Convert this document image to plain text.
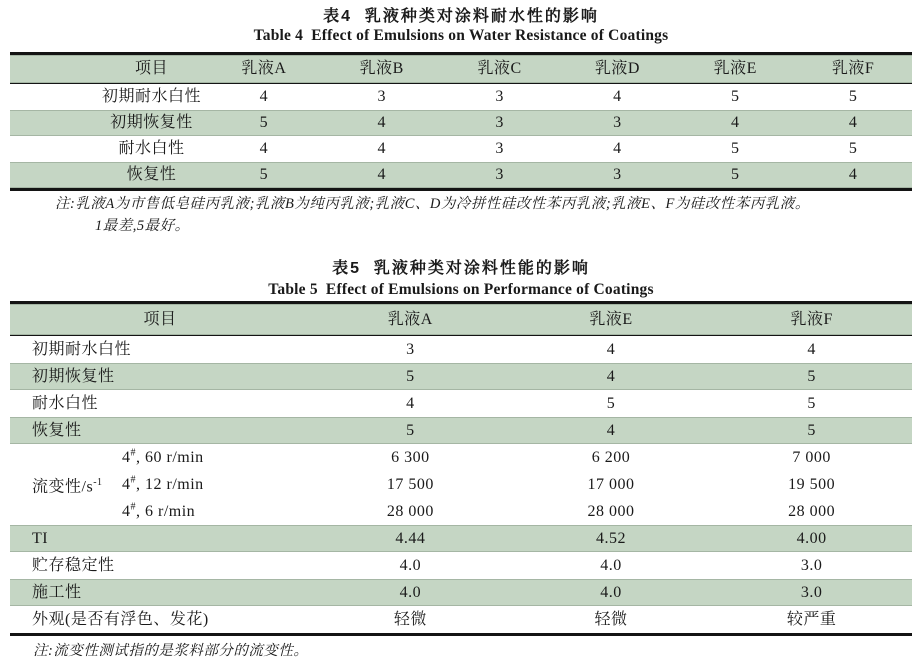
表4  乳液种类对涂料耐水性的影响
Table 4  Effect of Emulsions on Water Resistance of Coatings
项目	乳液A	乳液B	乳液C	乳液D	乳液E	乳液F
初期耐水白性	4	3	3	4	5	5
初期恢复性	5	4	3	3	4	4
耐水白性	4	4	3	4	5	5
恢复性	5	4	3	3	5	4
注:乳液A为市售低皂硅丙乳液;乳液B为纯丙乳液;乳液C、D为冷拼性硅改性苯丙乳液;乳液E、F为硅改性苯丙乳液。
1最差,5最好。
表5  乳液种类对涂料性能的影响
Table 5  Effect of Emulsions on Performance of Coatings
项目	乳液A	乳液E	乳液F
初期耐水白性	3	4	4
初期恢复性	5	4	5
耐水白性	4	5	5
恢复性	5	4	5
流变性$/s^{-1}$
4#, 60 r/min	6 300	6 200	7 000
4#, 12 r/min	17 500	17 000	19 500
4#, 6 r/min	28 000	28 000	28 000
TI	4.44	4.52	4.00
贮存稳定性	4.0	4.0	3.0
施工性	4.0	4.0	3.0
外观(是否有浮色、发花)	轻微	轻微	较严重
注:流变性测试指的是浆料部分的流变性。
